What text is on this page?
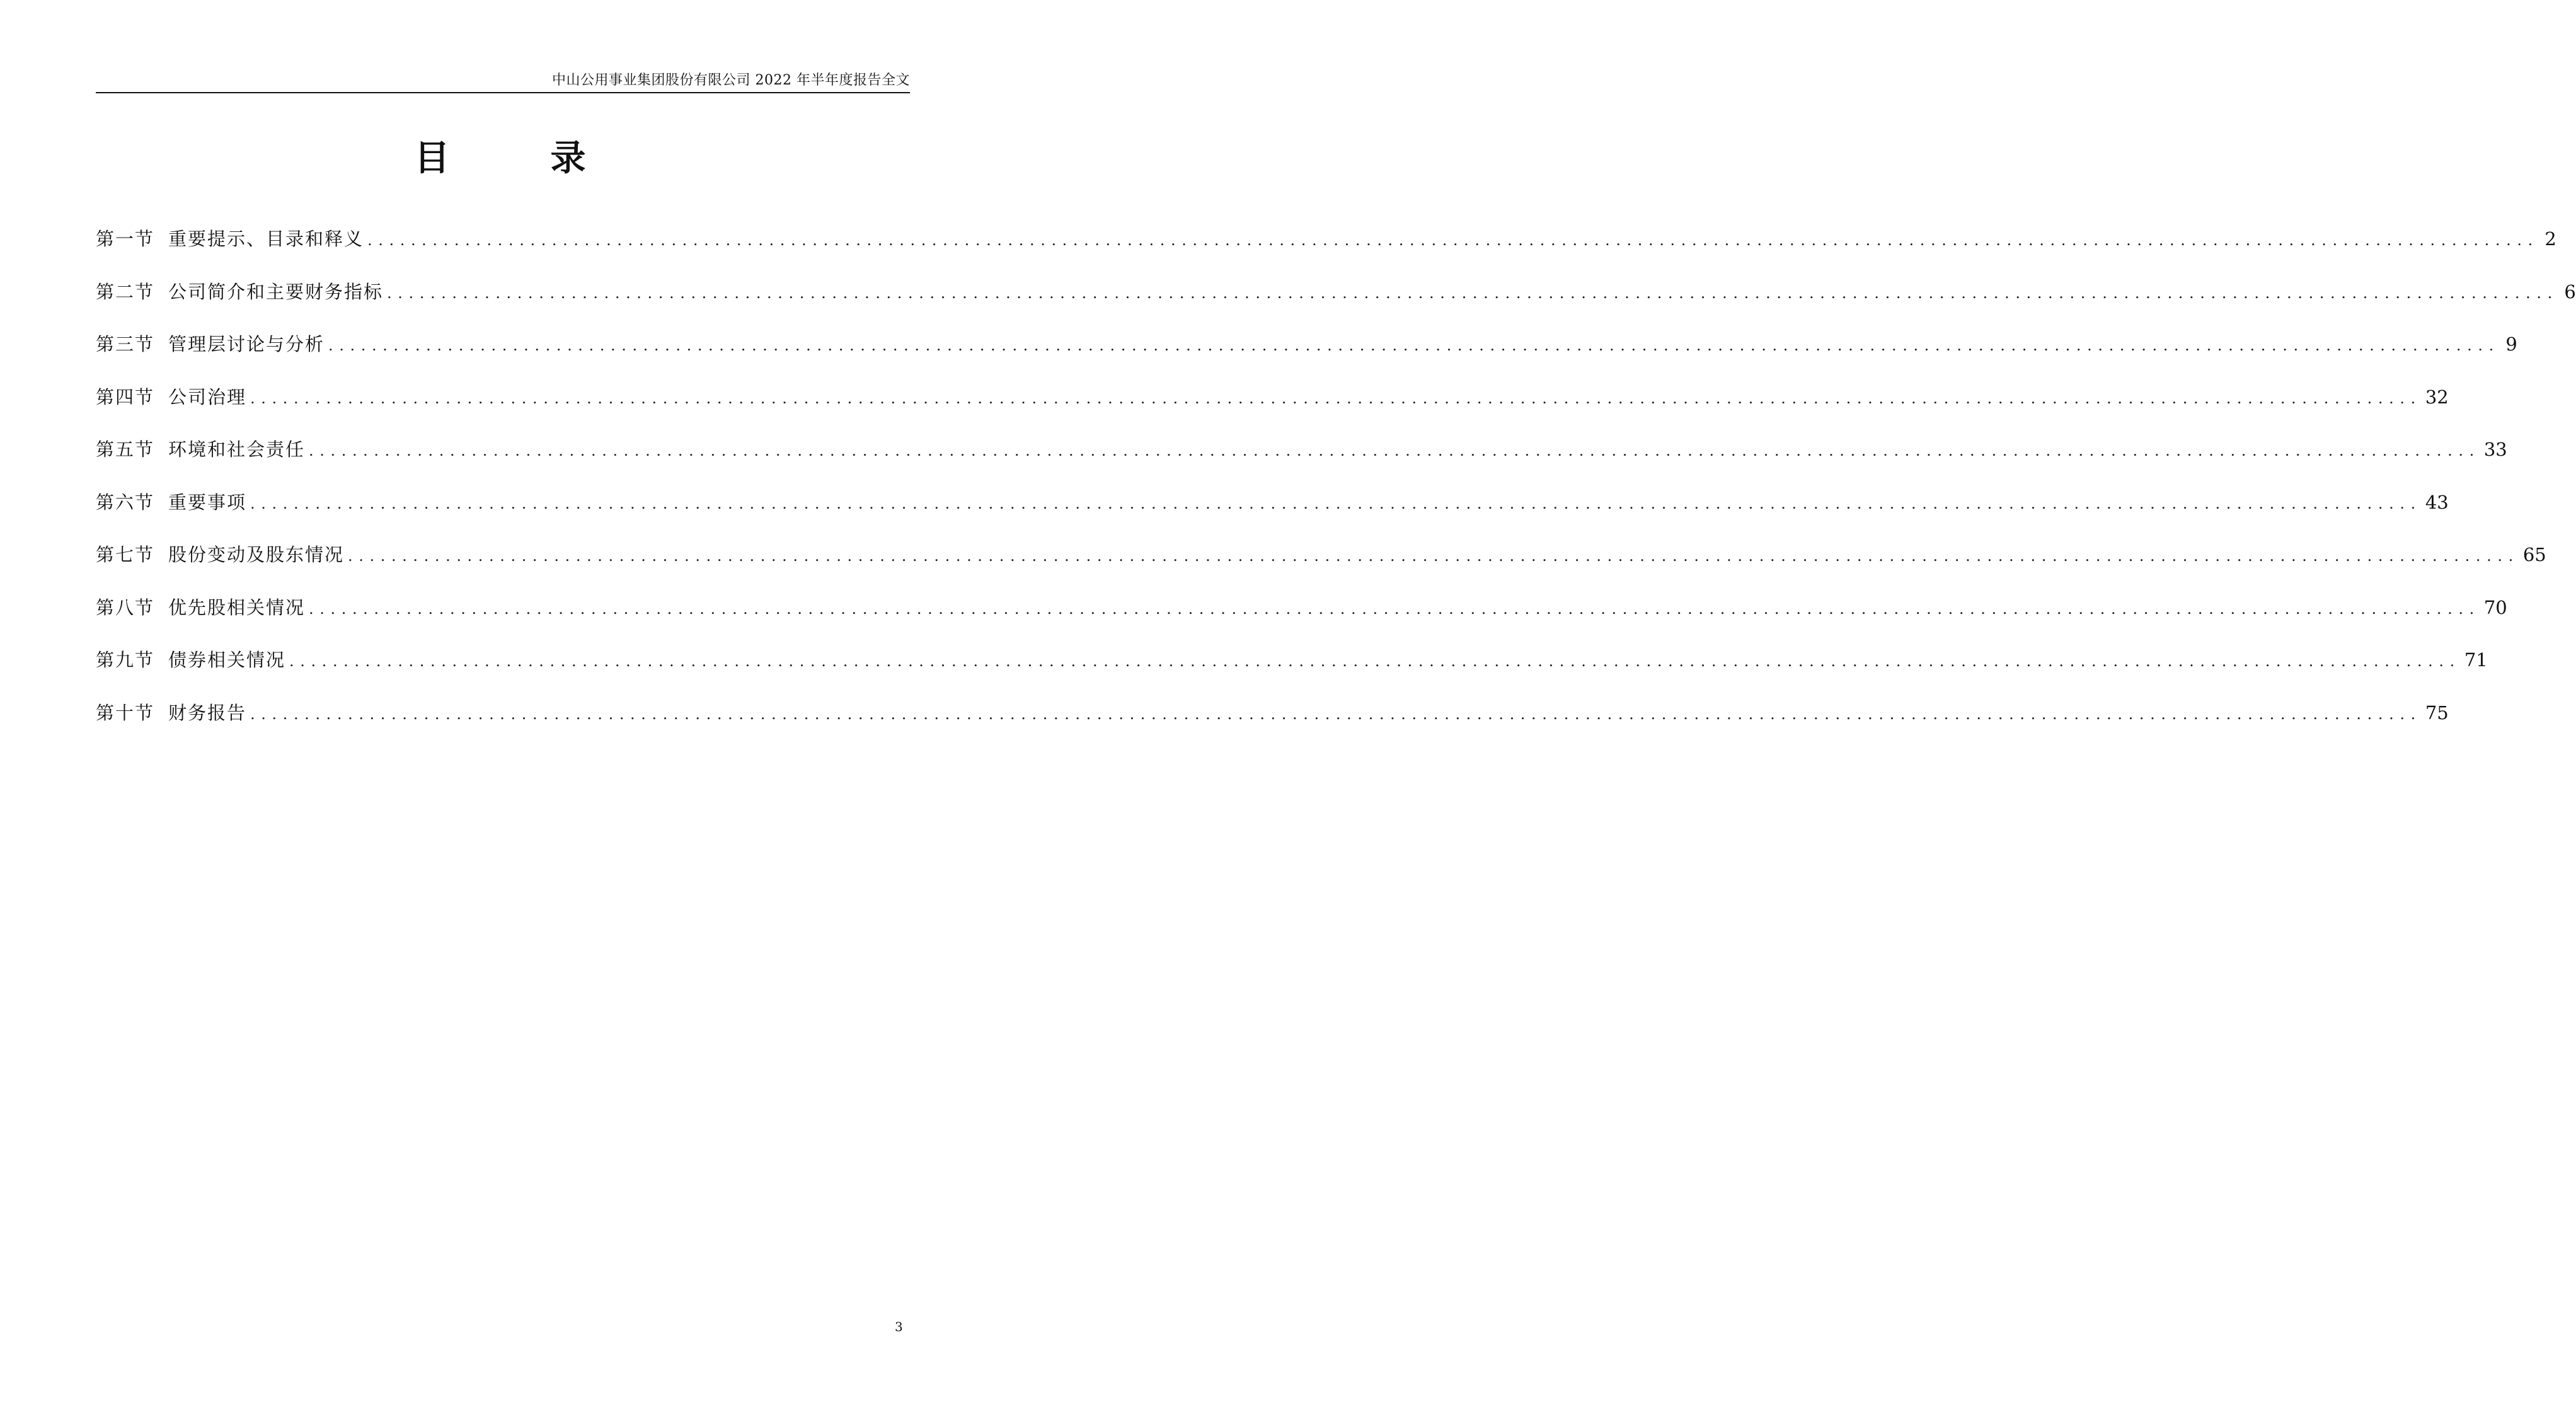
中山公用事业集团股份有限公司 2022 年半年度报告全文
目　录
第一节 重要提示、目录和释义 ........................................................................................................................................................................................................ 2
第二节 公司简介和主要财务指标 ........................................................................................................................................................................................................ 6
第三节 管理层讨论与分析 ........................................................................................................................................................................................................ 9
第四节 公司治理 ........................................................................................................................................................................................................ 32
第五节 环境和社会责任 ........................................................................................................................................................................................................ 33
第六节 重要事项 ........................................................................................................................................................................................................ 43
第七节 股份变动及股东情况 ........................................................................................................................................................................................................ 65
第八节 优先股相关情况 ........................................................................................................................................................................................................ 70
第九节 债券相关情况 ........................................................................................................................................................................................................ 71
第十节 财务报告 ........................................................................................................................................................................................................ 75
3
